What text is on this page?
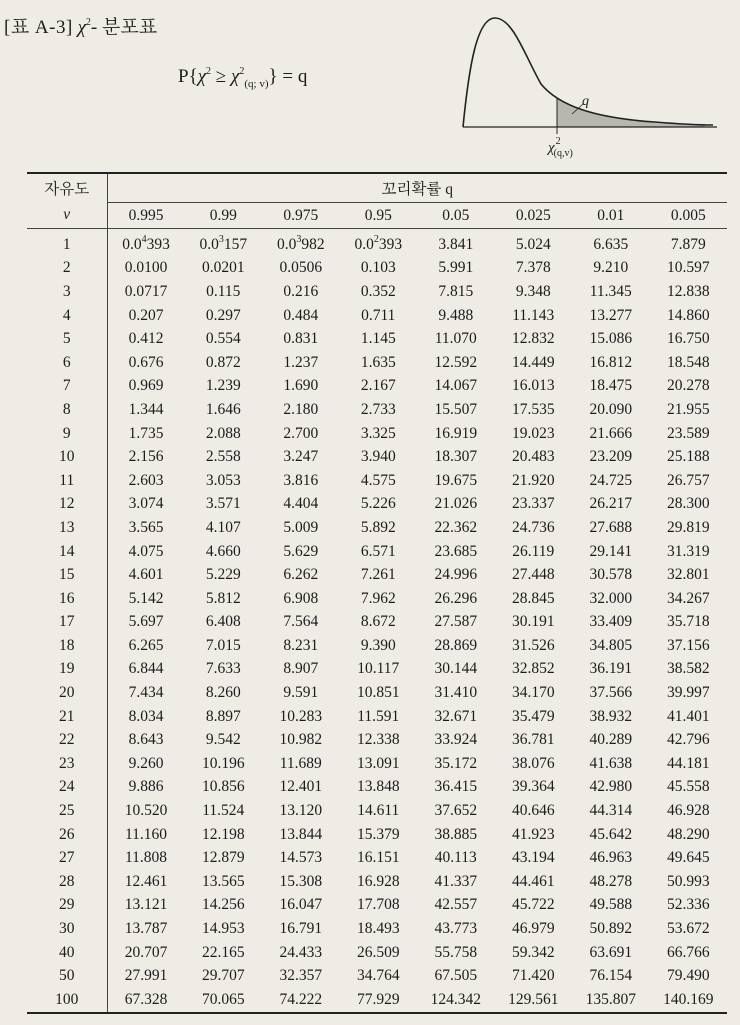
[표 A-3] $\chi^2-$ 분포표
$P\{\chi^2 \ge \chi^2_{(q; v)}\} = q$
q
$\chi^2_{(q,v)}$
자유도	꼬리확률 q							
ν	0.995	0.99	0.975	0.95	0.05	0.025	0.01	0.005
1	$0.0^4393$	$0.0^3157$	$0.0^3982$	$0.0^2393$	3.841	5.024	6.635	7.879
2	0.0100	0.0201	0.0506	0.103	5.991	7.378	9.210	10.597
3	0.0717	0.115	0.216	0.352	7.815	9.348	11.345	12.838
4	0.207	0.297	0.484	0.711	9.488	11.143	13.277	14.860
5	0.412	0.554	0.831	1.145	11.070	12.832	15.086	16.750
6	0.676	0.872	1.237	1.635	12.592	14.449	16.812	18.548
7	0.969	1.239	1.690	2.167	14.067	16.013	18.475	20.278
8	1.344	1.646	2.180	2.733	15.507	17.535	20.090	21.955
9	1.735	2.088	2.700	3.325	16.919	19.023	21.666	23.589
10	2.156	2.558	3.247	3.940	18.307	20.483	23.209	25.188
11	2.603	3.053	3.816	4.575	19.675	21.920	24.725	26.757
12	3.074	3.571	4.404	5.226	21.026	23.337	26.217	28.300
13	3.565	4.107	5.009	5.892	22.362	24.736	27.688	29.819
14	4.075	4.660	5.629	6.571	23.685	26.119	29.141	31.319
15	4.601	5.229	6.262	7.261	24.996	27.448	30.578	32.801
16	5.142	5.812	6.908	7.962	26.296	28.845	32.000	34.267
17	5.697	6.408	7.564	8.672	27.587	30.191	33.409	35.718
18	6.265	7.015	8.231	9.390	28.869	31.526	34.805	37.156
19	6.844	7.633	8.907	10.117	30.144	32.852	36.191	38.582
20	7.434	8.260	9.591	10.851	31.410	34.170	37.566	39.997
21	8.034	8.897	10.283	11.591	32.671	35.479	38.932	41.401
22	8.643	9.542	10.982	12.338	33.924	36.781	40.289	42.796
23	9.260	10.196	11.689	13.091	35.172	38.076	41.638	44.181
24	9.886	10.856	12.401	13.848	36.415	39.364	42.980	45.558
25	10.520	11.524	13.120	14.611	37.652	40.646	44.314	46.928
26	11.160	12.198	13.844	15.379	38.885	41.923	45.642	48.290
27	11.808	12.879	14.573	16.151	40.113	43.194	46.963	49.645
28	12.461	13.565	15.308	16.928	41.337	44.461	48.278	50.993
29	13.121	14.256	16.047	17.708	42.557	45.722	49.588	52.336
30	13.787	14.953	16.791	18.493	43.773	46.979	50.892	53.672
40	20.707	22.165	24.433	26.509	55.758	59.342	63.691	66.766
50	27.991	29.707	32.357	34.764	67.505	71.420	76.154	79.490
100	67.328	70.065	74.222	77.929	124.342	129.561	135.807	140.169
